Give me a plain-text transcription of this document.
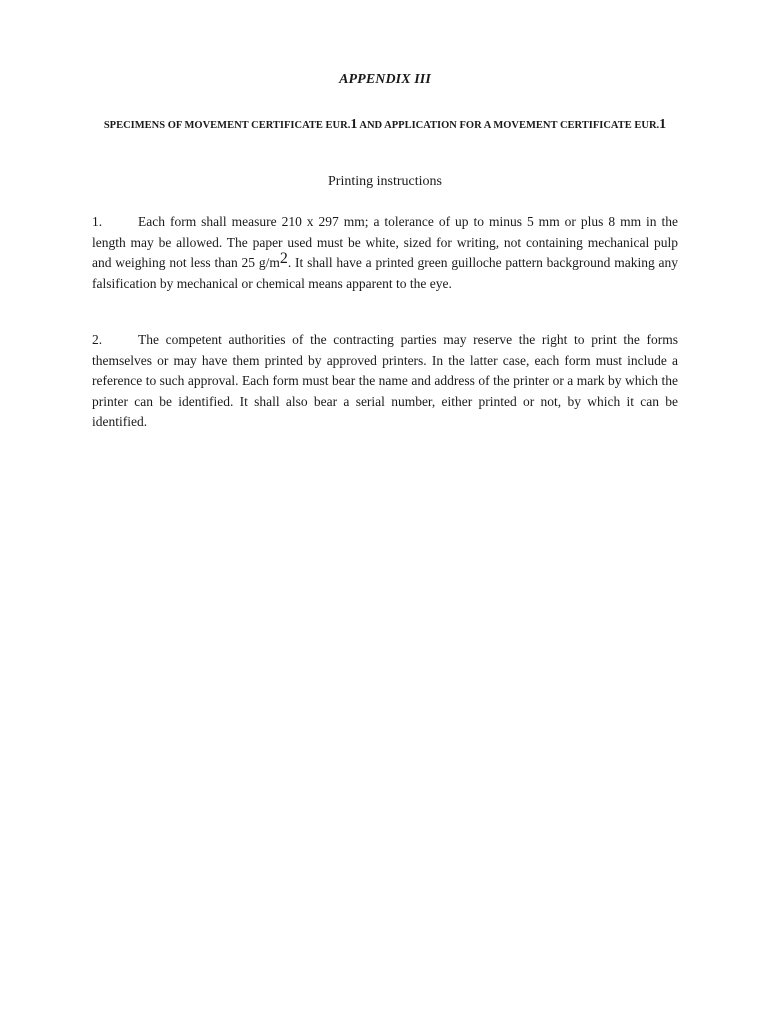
APPENDIX III
SPECIMENS OF MOVEMENT CERTIFICATE EUR.1 AND APPLICATION FOR A MOVEMENT CERTIFICATE EUR.1
Printing instructions

1.	Each form shall measure 210 x 297 mm; a tolerance of up to minus 5 mm or plus 8 mm in the length may be allowed. The paper used must be white, sized for writing, not containing mechanical pulp and weighing not less than 25 g/m2. It shall have a printed green guilloche pattern background making any falsification by mechanical or chemical means apparent to the eye.

2.	The competent authorities of the contracting parties may reserve the right to print the forms themselves or may have them printed by approved printers. In the latter case, each form must include a reference to such approval. Each form must bear the name and address of the printer or a mark by which the printer can be identified. It shall also bear a serial number, either printed or not, by which it can be identified.
